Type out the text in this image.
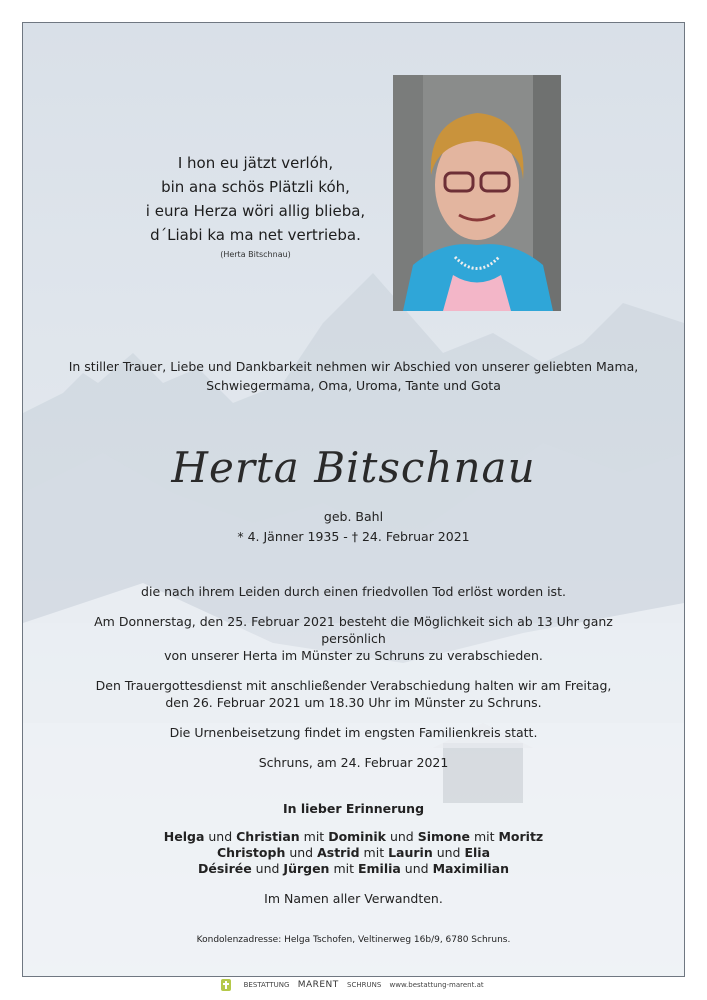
I hon eu jätzt verlóh,
bin ana schös Plätzli kóh,
i eura Herza wöri allig blieba,
d´Liabi ka ma net vertrieba.
(Herta Bitschnau)
In stiller Trauer, Liebe und Dankbarkeit nehmen wir Abschied von unserer geliebten Mama,
Schwiegermama, Oma, Uroma, Tante und Gota
Herta Bitschnau
geb. Bahl
* 4. Jänner 1935 - † 24. Februar 2021

die nach ihrem Leiden durch einen friedvollen Tod erlöst worden ist.

Am Donnerstag, den 25. Februar 2021 besteht die Möglichkeit sich ab 13 Uhr ganz persönlich
von unserer Herta im Münster zu Schruns zu verabschieden.

Den Trauergottesdienst mit anschließender Verabschiedung halten wir am Freitag,
den 26. Februar 2021 um 18.30 Uhr im Münster zu Schruns.

Die Urnenbeisetzung findet im engsten Familienkreis statt.

Schruns, am 24. Februar 2021
In lieber Erinnerung
Helga und Christian mit Dominik und Simone mit Moritz
Christoph und Astrid mit Laurin und Elia
Désirée und Jürgen mit Emilia und Maximilian
Im Namen aller Verwandten.
Kondolenzadresse: Helga Tschofen, Veltinerweg 16b/9, 6780 Schruns.
BESTATTUNG MARENT SCHRUNS www.bestattung-marent.at
